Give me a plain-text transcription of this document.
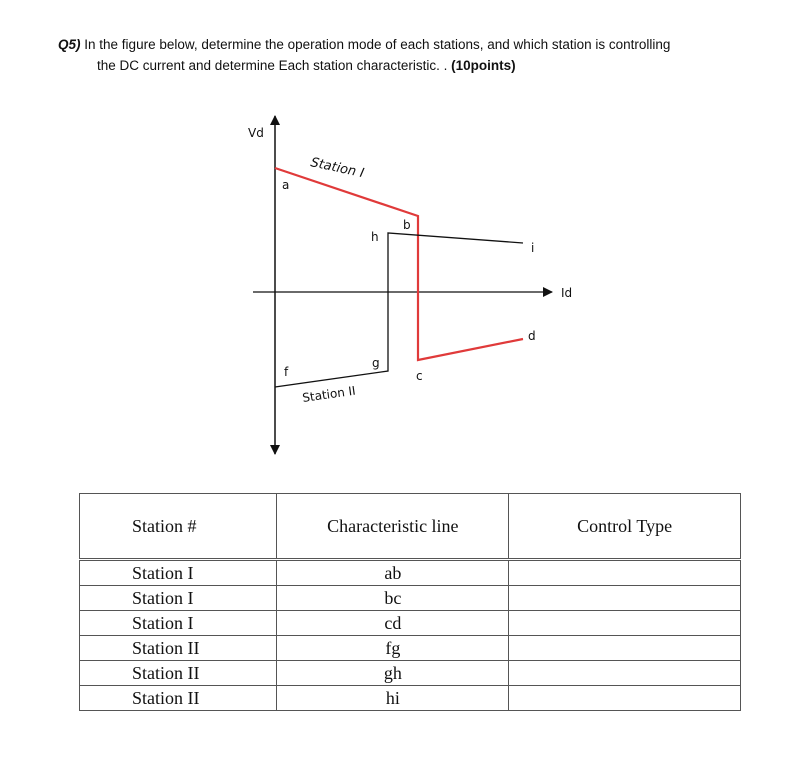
Q5) In the figure below, determine the operation mode of each stations, and which station is controlling
the DC current and determine Each station characteristic. . (10points)
Vd
Id
Station I
Station II
a
b
c
d
f
g
h
i
Station #	Characteristic line	Control Type
Station I	ab	
Station I	bc	
Station I	cd	
Station II	fg	
Station II	gh	
Station II	hi	
